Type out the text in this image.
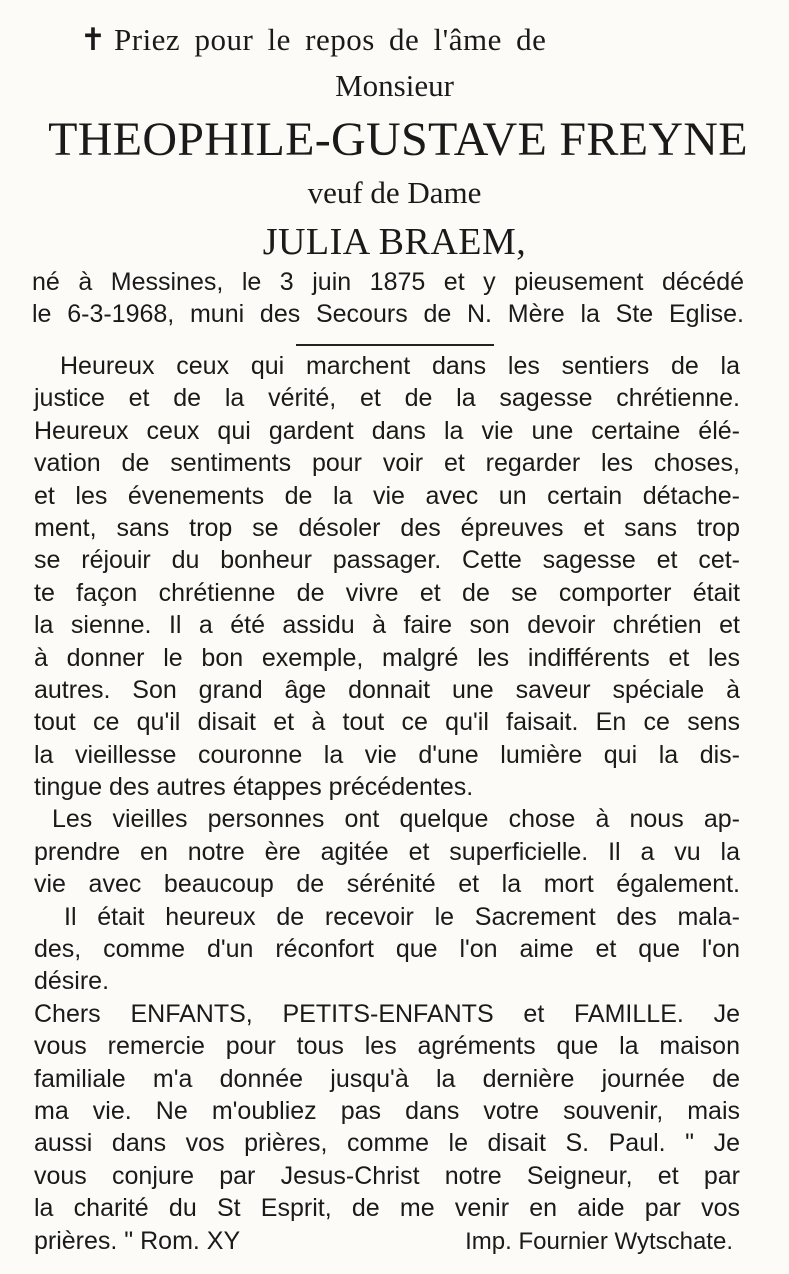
✝ Priez pour le repos de l'âme de
Monsieur
THEOPHILE-GUSTAVE FREYNE
veuf de Dame
JULIA BRAEM,
né à Messines, le 3 juin 1875 et y pieusement décédé
le 6-3-1968, muni des Secours de N. Mère la Ste Eglise.
Heureux ceux qui marchent dans les sentiers de la
justice et de la vérité, et de la sagesse chrétienne.
Heureux ceux qui gardent dans la vie une certaine élé-
vation de sentiments pour voir et regarder les choses,
et les évenements de la vie avec un certain détache-
ment, sans trop se désoler des épreuves et sans trop
se réjouir du bonheur passager. Cette sagesse et cet-
te façon chrétienne de vivre et de se comporter était
la sienne. Il a été assidu à faire son devoir chrétien et
à donner le bon exemple, malgré les indifférents et les
autres. Son grand âge donnait une saveur spéciale à
tout ce qu'il disait et à tout ce qu'il faisait. En ce sens
la vieillesse couronne la vie d'une lumière qui la dis-
tingue des autres étappes précédentes.
Les vieilles personnes ont quelque chose à nous ap-
prendre en notre ère agitée et superficielle. Il a vu la
vie avec beaucoup de sérénité et la mort également.
Il était heureux de recevoir le Sacrement des mala-
des, comme d'un réconfort que l'on aime et que l'on
désire.
Chers ENFANTS, PETITS-ENFANTS et FAMILLE. Je
vous remercie pour tous les agréments que la maison
familiale m'a donnée jusqu'à la dernière journée de
ma vie. Ne m'oubliez pas dans votre souvenir, mais
aussi dans vos prières, comme le disait S. Paul. " Je
vous conjure par Jesus-Christ notre Seigneur, et par
la charité du St Esprit, de me venir en aide par vos
prières. " Rom. XY	Imp. Fournier Wytschate.
